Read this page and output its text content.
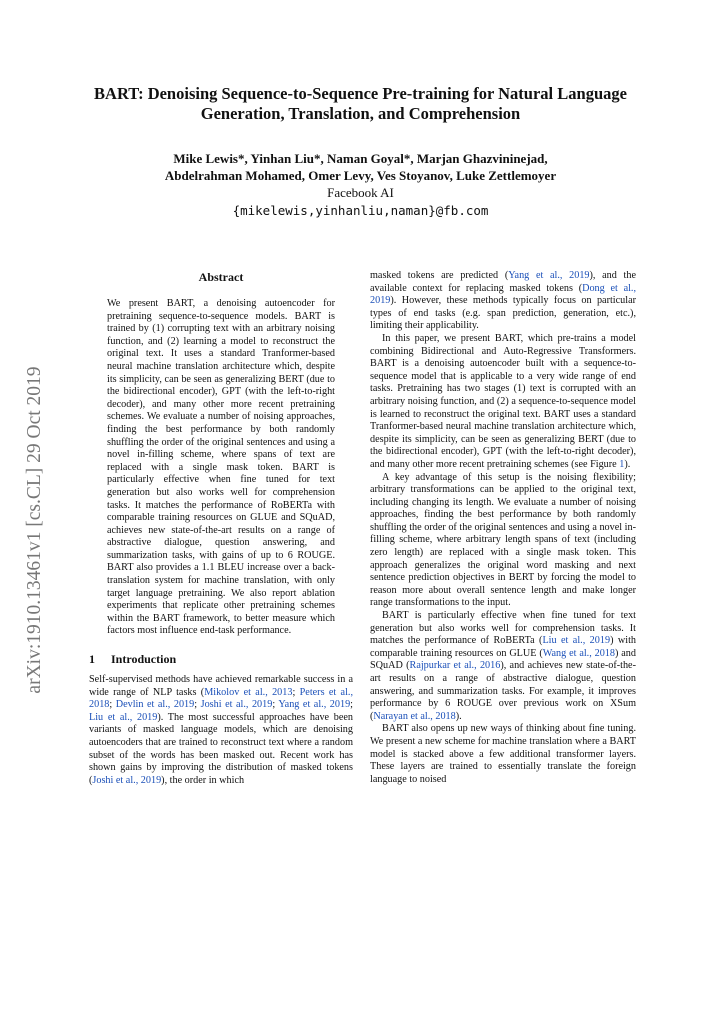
BART: Denoising Sequence-to-Sequence Pre-training for Natural Language Generation, Translation, and Comprehension
Mike Lewis*, Yinhan Liu*, Naman Goyal*, Marjan Ghazvininejad,
Abdelrahman Mohamed, Omer Levy, Ves Stoyanov, Luke Zettlemoyer
Facebook AI
{mikelewis,yinhanliu,naman}@fb.com
arXiv:1910.13461v1 [cs.CL] 29 Oct 2019
Abstract

We present BART, a denoising autoencoder for pretraining sequence-to-sequence models. BART is trained by (1) corrupting text with an arbitrary noising function, and (2) learning a model to reconstruct the original text. It uses a standard Tranformer-based neural machine translation architecture which, despite its simplicity, can be seen as generalizing BERT (due to the bidirectional encoder), GPT (with the left-to-right decoder), and many other more recent pretraining schemes. We evaluate a number of noising approaches, finding the best performance by both randomly shuffling the order of the original sentences and using a novel in-filling scheme, where spans of text are replaced with a single mask token. BART is particularly effective when fine tuned for text generation but also works well for comprehension tasks. It matches the performance of RoBERTa with comparable training resources on GLUE and SQuAD, achieves new state-of-the-art results on a range of abstractive dialogue, question answering, and summarization tasks, with gains of up to 6 ROUGE. BART also provides a 1.1 BLEU increase over a back-translation system for machine translation, with only target language pretraining. We also report ablation experiments that replicate other pretraining schemes within the BART framework, to better measure which factors most influence end-task performance.

1 Introduction

Self-supervised methods have achieved remarkable success in a wide range of NLP tasks (Mikolov et al., 2013; Peters et al., 2018; Devlin et al., 2019; Joshi et al., 2019; Yang et al., 2019; Liu et al., 2019). The most successful approaches have been variants of masked language models, which are denoising autoencoders that are trained to reconstruct text where a random subset of the words has been masked out. Recent work has shown gains by improving the distribution of masked tokens (Joshi et al., 2019), the order in which

masked tokens are predicted (Yang et al., 2019), and the available context for replacing masked tokens (Dong et al., 2019). However, these methods typically focus on particular types of end tasks (e.g. span prediction, generation, etc.), limiting their applicability.

In this paper, we present BART, which pre-trains a model combining Bidirectional and Auto-Regressive Transformers. BART is a denoising autoencoder built with a sequence-to-sequence model that is applicable to a very wide range of end tasks. Pretraining has two stages (1) text is corrupted with an arbitrary noising function, and (2) a sequence-to-sequence model is learned to reconstruct the original text. BART uses a standard Tranformer-based neural machine translation architecture which, despite its simplicity, can be seen as generalizing BERT (due to the bidirectional encoder), GPT (with the left-to-right decoder), and many other more recent pretraining schemes (see Figure 1).

A key advantage of this setup is the noising flexibility; arbitrary transformations can be applied to the original text, including changing its length. We evaluate a number of noising approaches, finding the best performance by both randomly shuffling the order of the original sentences and using a novel in-filling scheme, where arbitrary length spans of text (including zero length) are replaced with a single mask token. This approach generalizes the original word masking and next sentence prediction objectives in BERT by forcing the model to reason more about overall sentence length and make longer range transformations to the input.

BART is particularly effective when fine tuned for text generation but also works well for comprehension tasks. It matches the performance of RoBERTa (Liu et al., 2019) with comparable training resources on GLUE (Wang et al., 2018) and SQuAD (Rajpurkar et al., 2016), and achieves new state-of-the-art results on a range of abstractive dialogue, question answering, and summarization tasks. For example, it improves performance by 6 ROUGE over previous work on XSum (Narayan et al., 2018).

BART also opens up new ways of thinking about fine tuning. We present a new scheme for machine translation where a BART model is stacked above a few additional transformer layers. These layers are trained to essentially translate the foreign language to noised
